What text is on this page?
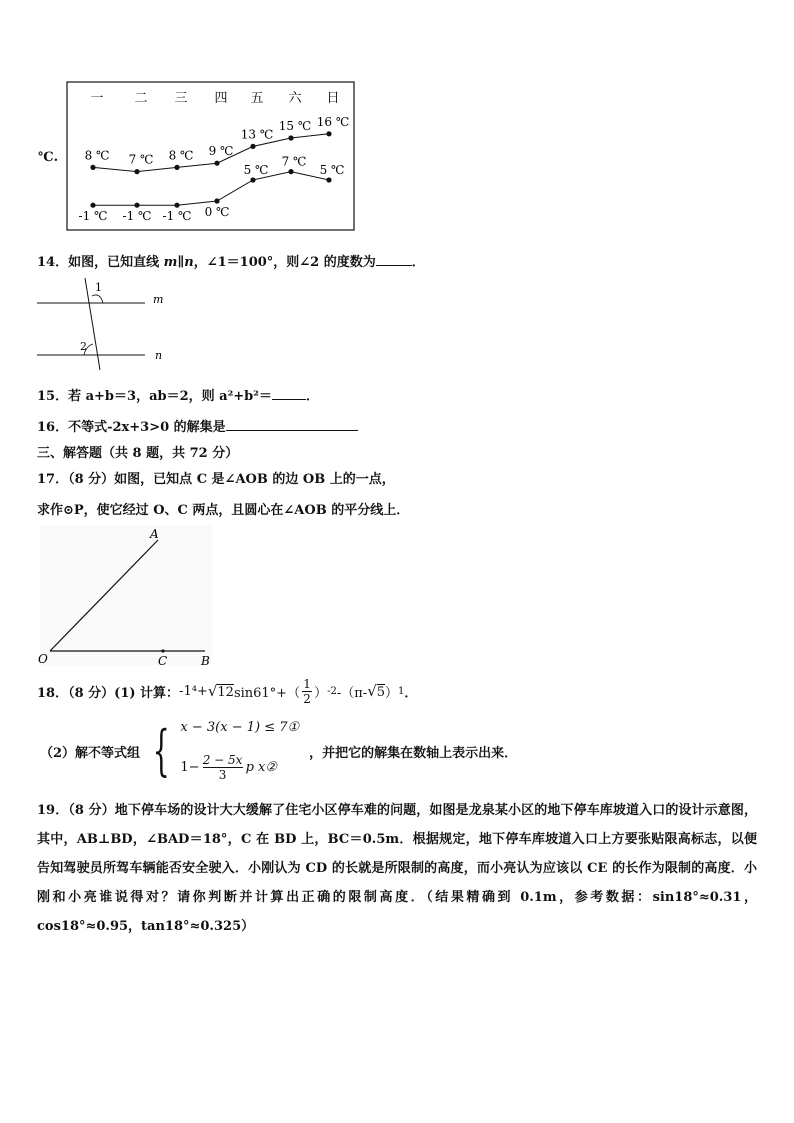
℃.
一 二 三 四 五 六 日
8 ℃ 7 ℃ 8 ℃ 9 ℃
13 ℃
15 ℃ 16 ℃
-1 ℃ -1 ℃ -1 ℃ 0 ℃
5 ℃
7 ℃
5 ℃
14．如图，已知直线 m∥n，∠1＝100°，则∠2 的度数为	．
1
2
m
n
15．若 a+b＝3，ab＝2，则 a²+b²＝	．
16．不等式-2x+3>0 的解集是
三、解答题（共 8 题，共 72 分）
17．（8 分）如图，已知点 C 是∠AOB 的边 OB 上的一点，
求作⊙P，使它经过 O、C 两点，且圆心在∠AOB 的平分线上．
A
O	C	B
18．（8 分）(1) 计算： -1⁴+ √ 12 sin61°+（
1
2 ） -2 -（π- √ 5 ） 1 ．
（2）解不等式组 { x − 3(x − 1) ≤ 7①
1− 2 − 5x
3 p x②
，并把它的解集在数轴上表示出来．
19．（8 分）地下停车场的设计大大缓解了住宅小区停车难的问题，如图是龙泉某小区的地下停车库坡道入口的设计示意图，其中，AB⊥BD，∠BAD＝18°，C 在 BD 上，BC＝0.5m．根据规定，地下停车库坡道入口上方要张贴限高标志，以便告知驾驶员所驾车辆能否安全驶入．小刚认为 CD 的长就是所限制的高度，而小亮认为应该以 CE 的长作为限制的高度．小刚和小亮谁说得对？请你判断并计算出正确的限制高度．（结果精确到 0.1m，参考数据：sin18°≈0.31，cos18°≈0.95，tan18°≈0.325）
